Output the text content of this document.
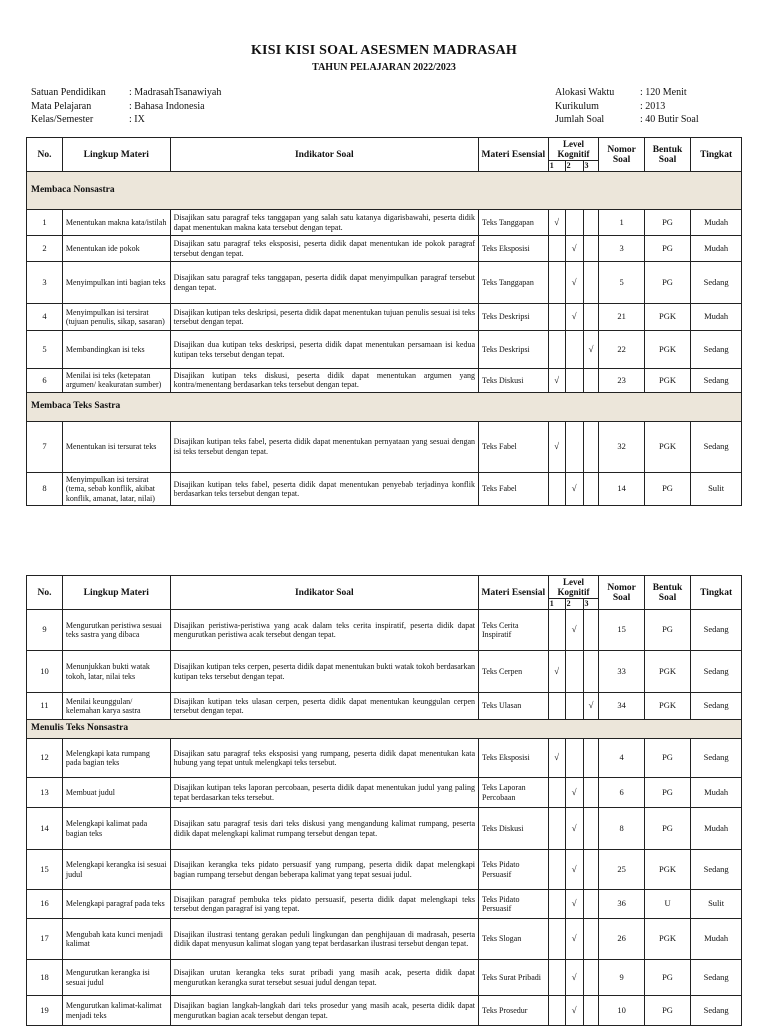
KISI KISI SOAL ASESMEN MADRASAH
TAHUN PELAJARAN 2022/2023
Satuan Pendidikan	: MadrasahTsanawiyah
Mata Pelajaran	: Bahasa Indonesia
Kelas/Semester	: IX
Alokasi Waktu	: 120 Menit
Kurikulum	: 2013
Jumlah Soal	: 40 Butir Soal
No.	Lingkup Materi	Indikator Soal	Materi Esensial	Level Kognitif			Nomor Soal	Bentuk Soal	Tingkat
				1	2	3			
Membaca Nonsastra									
1	Menentukan makna kata/istilah	Disajikan satu paragraf teks tanggapan yang salah satu katanya digarisbawahi, peserta didik dapat menentukan makna kata tersebut dengan tepat.	Teks Tanggapan	√			1	PG	Mudah
2	Menentukan ide pokok	Disajikan satu paragraf teks eksposisi, peserta didik dapat menentukan ide pokok paragraf tersebut dengan tepat.	Teks Eksposisi		√		3	PG	Mudah
3	Menyimpulkan inti bagian teks	Disajikan satu paragraf teks tanggapan, peserta didik dapat menyimpulkan paragraf tersebut dengan tepat.	Teks Tanggapan		√		5	PG	Sedang
4	Menyimpulkan isi tersirat (tujuan penulis, sikap, sasaran)	Disajikan kutipan teks deskripsi, peserta didik dapat menentukan tujuan penulis sesuai isi teks tersebut dengan tepat.	Teks Deskripsi		√		21	PGK	Mudah
5	Membandingkan isi teks	Disajikan dua kutipan teks deskripsi, peserta didik dapat menentukan persamaan isi kedua kutipan teks tersebut dengan tepat.	Teks Deskripsi			√	22	PGK	Sedang
6	Menilai isi teks (ketepatan argumen/ keakuratan sumber)	Disajikan kutipan teks diskusi, peserta didik dapat menentukan argumen yang kontra/menentang berdasarkan teks tersebut dengan tepat.	Teks Diskusi	√			23	PGK	Sedang
Membaca Teks Sastra									
7	Menentukan isi tersurat teks	Disajikan kutipan teks fabel, peserta didik dapat menentukan pernyataan yang sesuai dengan isi teks tersebut dengan tepat.	Teks Fabel	√			32	PGK	Sedang
8	Menyimpulkan isi tersirat (tema, sebab konflik, akibat konflik, amanat, latar, nilai)	Disajikan kutipan teks fabel, peserta didik dapat menentukan penyebab terjadinya konflik berdasarkan teks tersebut dengan tepat.	Teks Fabel		√		14	PG	Sulit
No.	Lingkup Materi	Indikator Soal	Materi Esensial	Level Kognitif			Nomor Soal	Bentuk Soal	Tingkat
				1	2	3			
9	Mengurutkan peristiwa sesuai teks sastra yang dibaca	Disajikan peristiwa-peristiwa yang acak dalam teks cerita inspiratif, peserta didik dapat mengurutkan peristiwa acak tersebut dengan tepat.	Teks Cerita Inspiratif		√		15	PG	Sedang
10	Menunjukkan bukti watak tokoh, latar, nilai teks	Disajikan kutipan teks cerpen, peserta didik dapat menentukan bukti watak tokoh berdasarkan kutipan teks tersebut dengan tepat.	Teks Cerpen	√			33	PGK	Sedang
11	Menilai keunggulan/ kelemahan karya sastra	Disajikan kutipan teks ulasan cerpen, peserta didik dapat menentukan keunggulan cerpen tersebut dengan tepat.	Teks Ulasan			√	34	PGK	Sedang
Menulis Teks Nonsastra									
12	Melengkapi kata rumpang pada bagian teks	Disajikan satu paragraf teks eksposisi yang rumpang, peserta didik dapat menentukan kata hubung yang tepat untuk melengkapi teks tersebut.	Teks Eksposisi	√			4	PG	Sedang
13	Membuat judul	Disajikan kutipan teks laporan percobaan, peserta didik dapat menentukan judul yang paling tepat berdasarkan teks tersebut.	Teks Laporan Percobaan		√		6	PG	Mudah
14	Melengkapi kalimat pada bagian teks	Disajikan satu paragraf tesis dari teks diskusi yang mengandung kalimat rumpang, peserta didik dapat melengkapi kalimat rumpang tersebut dengan tepat.	Teks Diskusi		√		8	PG	Mudah
15	Melengkapi kerangka isi sesuai judul	Disajikan kerangka teks pidato persuasif yang rumpang, peserta didik dapat melengkapi bagian rumpang tersebut dengan beberapa kalimat yang tepat sesuai judul.	Teks Pidato Persuasif		√		25	PGK	Sedang
16	Melengkapi paragraf pada teks	Disajikan paragraf pembuka teks pidato persuasif, peserta didik dapat melengkapi teks tersebut dengan paragraf isi yang tepat.	Teks Pidato Persuasif		√		36	U	Sulit
17	Mengubah kata kunci menjadi kalimat	Disajikan ilustrasi tentang gerakan peduli lingkungan dan penghijauan di madrasah, peserta didik dapat menyusun kalimat slogan yang tepat berdasarkan ilustrasi tersebut dengan tepat.	Teks Slogan		√		26	PGK	Mudah
18	Mengurutkan kerangka isi sesuai judul	Disajikan urutan kerangka teks surat pribadi yang masih acak, peserta didik dapat mengurutkan kerangka surat tersebut sesuai judul dengan tepat.	Teks Surat Pribadi		√		9	PG	Sedang
19	Mengurutkan kalimat-kalimat menjadi teks	Disajikan bagian langkah-langkah dari teks prosedur yang masih acak, peserta didik dapat mengurutkan bagian acak tersebut dengan tepat.	Teks Prosedur		√		10	PG	Sedang
